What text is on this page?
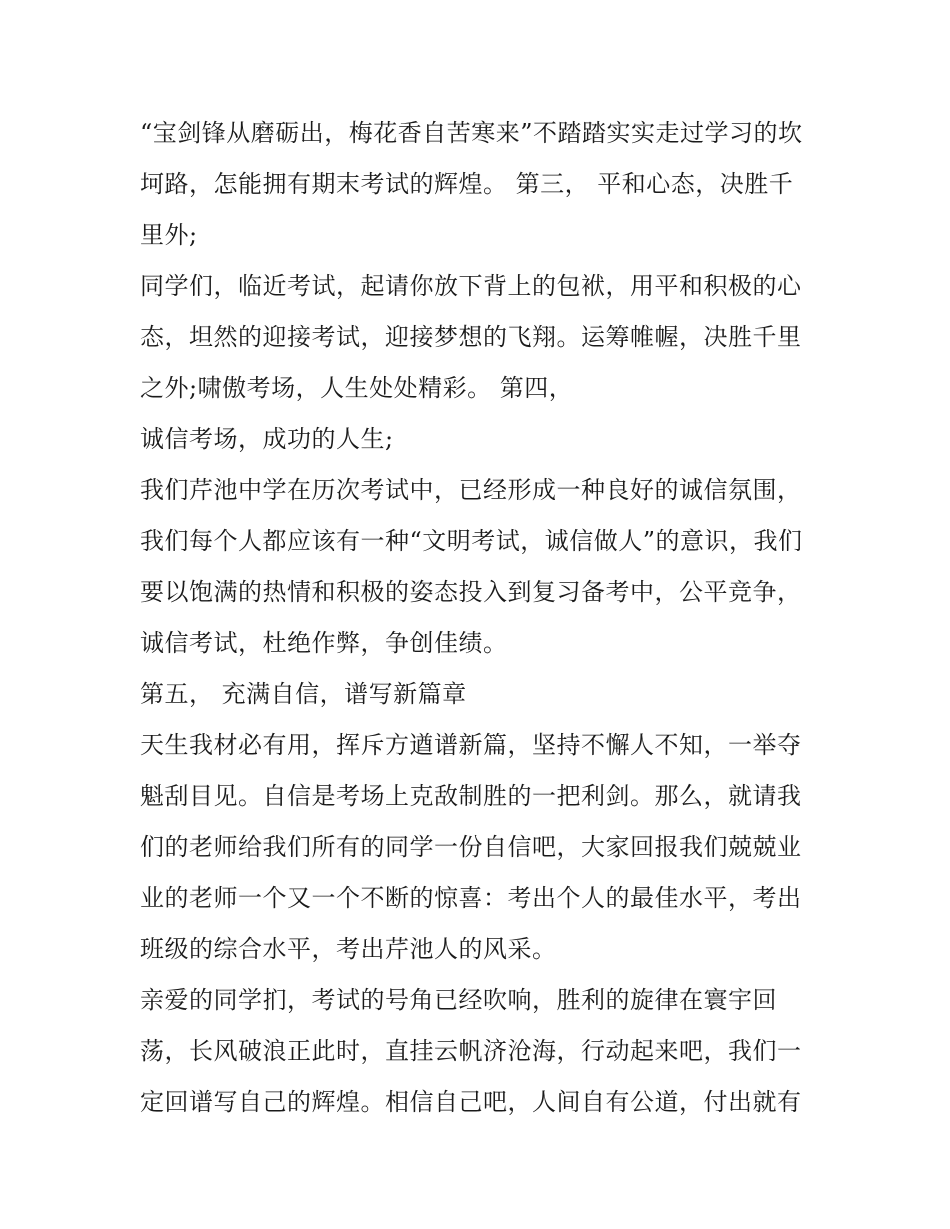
“宝剑锋从磨砺出，梅花香自苦寒来”不踏踏实实走过学习的坎
坷路，怎能拥有期末考试的辉煌。 第三， 平和心态，决胜千
里外;
同学们，临近考试，起请你放下背上的包袱，用平和积极的心
态，坦然的迎接考试，迎接梦想的飞翔。运筹帷幄，决胜千里
之外;啸傲考场，人生处处精彩。 第四，
诚信考场，成功的人生;
我们芹池中学在历次考试中，已经形成一种良好的诚信氛围，
我们每个人都应该有一种“文明考试，诚信做人”的意识，我们
要以饱满的热情和积极的姿态投入到复习备考中，公平竞争，
诚信考试，杜绝作弊，争创佳绩。
第五， 充满自信，谱写新篇章
天生我材必有用，挥斥方遒谱新篇，坚持不懈人不知，一举夺
魁刮目见。自信是考场上克敌制胜的一把利剑。那么，就请我
们的老师给我们所有的同学一份自信吧，大家回报我们兢兢业
业的老师一个又一个不断的惊喜：考出个人的最佳水平，考出
班级的综合水平，考出芹池人的风采。
亲爱的同学扪，考试的号角已经吹响，胜利的旋律在寰宇回
荡，长风破浪正此时，直挂云帆济沧海，行动起来吧，我们一
定回谱写自己的辉煌。相信自己吧，人间自有公道，付出就有
